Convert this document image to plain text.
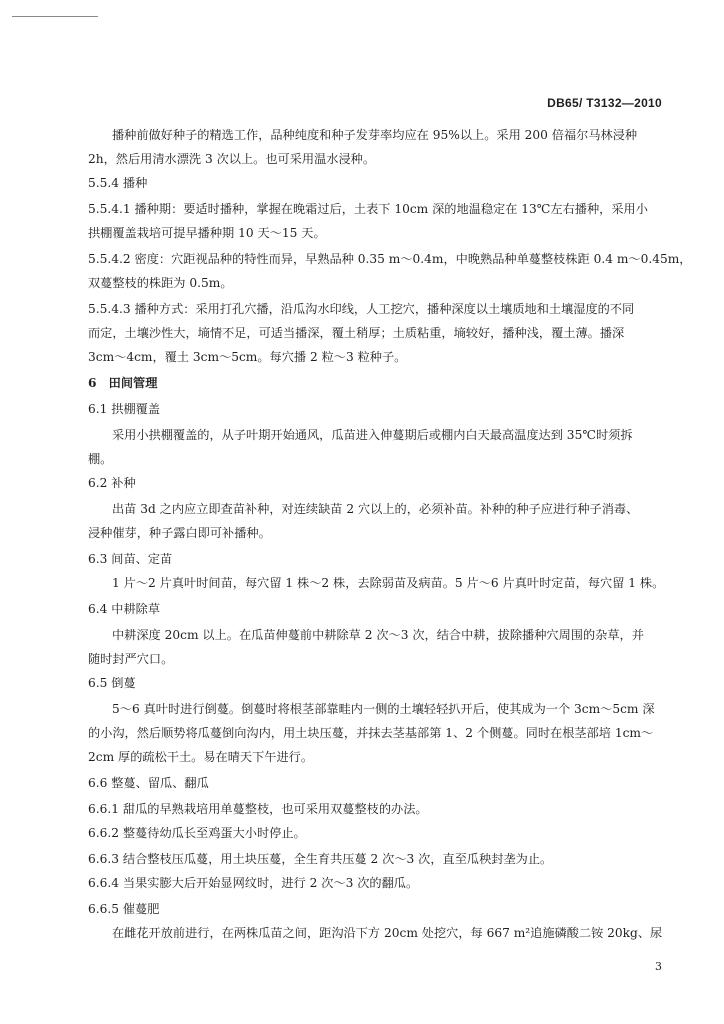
DB65/ T3132—2010
播种前做好种子的精选工作，品种纯度和种子发芽率均应在 95%以上。采用 200 倍福尔马林浸种
2h，然后用清水漂洗 3 次以上。也可采用温水浸种。
5.5.4 播种
5.5.4.1 播种期：要适时播种，掌握在晚霜过后，土表下 10cm 深的地温稳定在 13℃左右播种，采用小
拱棚覆盖栽培可提早播种期 10 天～15 天。
5.5.4.2 密度：穴距视品种的特性而异，早熟品种 0.35 m～0.4m，中晚熟品种单蔓整枝株距 0.4 m～0.45m，
双蔓整枝的株距为 0.5m。
5.5.4.3 播种方式：采用打孔穴播，沿瓜沟水印线，人工挖穴，播种深度以土壤质地和土壤湿度的不同
而定，土壤沙性大，墒情不足，可适当播深，覆土稍厚；土质粘重，墒较好，播种浅，覆土薄。播深
3cm～4cm，覆土 3cm～5cm。每穴播 2 粒～3 粒种子。
6　田间管理
6.1 拱棚覆盖
采用小拱棚覆盖的，从子叶期开始通风，瓜苗进入伸蔓期后或棚内白天最高温度达到 35℃时须拆
棚。
6.2 补种
出苗 3d 之内应立即查苗补种，对连续缺苗 2 穴以上的，必须补苗。补种的种子应进行种子消毒、
浸种催芽，种子露白即可补播种。
6.3 间苗、定苗
1 片～2 片真叶时间苗，每穴留 1 株～2 株，去除弱苗及病苗。5 片～6 片真叶时定苗，每穴留 1 株。
6.4 中耕除草
中耕深度 20cm 以上。在瓜苗伸蔓前中耕除草 2 次～3 次，结合中耕，拔除播种穴周围的杂草，并
随时封严穴口。
6.5 倒蔓
5～6 真叶时进行倒蔓。倒蔓时将根茎部靠畦内一侧的土壤轻轻扒开后，使其成为一个 3cm～5cm 深
的小沟，然后顺势将瓜蔓倒向沟内，用土块压蔓，并抹去茎基部第 1、2 个侧蔓。同时在根茎部培 1cm～
2cm 厚的疏松干土。易在晴天下午进行。
6.6 整蔓、留瓜、翻瓜
6.6.1 甜瓜的早熟栽培用单蔓整枝，也可采用双蔓整枝的办法。
6.6.2 整蔓待幼瓜长至鸡蛋大小时停止。
6.6.3 结合整枝压瓜蔓，用土块压蔓，全生育共压蔓 2 次～3 次，直至瓜秧封垄为止。
6.6.4 当果实膨大后开始显网纹时，进行 2 次～3 次的翻瓜。
6.6.5 催蔓肥
在雌花开放前进行，在两株瓜苗之间，距沟沿下方 20cm 处挖穴，每 667 m²追施磷酸二铵 20kg、尿
3
